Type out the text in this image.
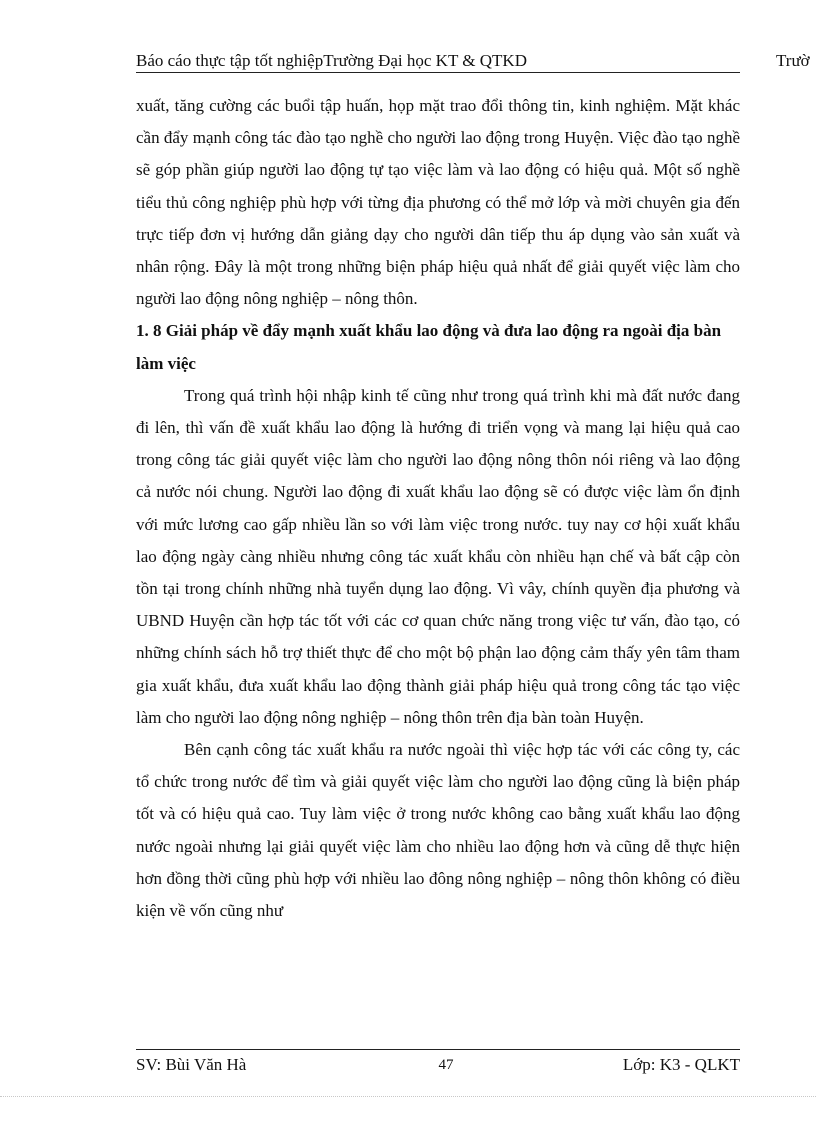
Báo cáo thực tập tốt nghiệpTrường Đại học KT & QTKD	Trườ

xuất, tăng cường các buổi tập huấn, họp mặt trao đổi thông tin, kinh nghiệm. Mặt khác cần đẩy mạnh công tác đào tạo nghề cho người lao động trong Huyện. Việc đào tạo nghề sẽ góp phần giúp người lao động tự tạo việc làm và lao động có hiệu quả. Một số nghề tiểu thủ công nghiệp phù hợp với từng địa phương có thể mở lớp và mời chuyên gia đến trực tiếp đơn vị hướng dẫn giảng dạy cho người dân tiếp thu áp dụng vào sản xuất và nhân rộng. Đây là một trong những biện pháp hiệu quả nhất để giải quyết việc làm cho người lao động nông nghiệp – nông thôn.

1. 8 Giải pháp về đẩy mạnh xuất khẩu lao động và đưa lao động ra ngoài địa bàn làm việc

Trong quá trình hội nhập kinh tế cũng như trong quá trình khi mà đất nước đang đi lên, thì vấn đề xuất khẩu lao động là hướng đi triển vọng và mang lại hiệu quả cao trong công tác giải quyết việc làm cho người lao động nông thôn nói riêng và lao động cả nước nói chung. Người lao động đi xuất khẩu lao động sẽ có được việc làm ổn định với mức lương cao gấp nhiều lần so với làm việc trong nước. tuy nay cơ hội xuất khẩu lao động ngày càng nhiều nhưng công tác xuất khẩu còn nhiều hạn chế và bất cập còn tồn tại trong chính những nhà tuyển dụng lao động. Vì vây, chính quyền địa phương và UBND Huyện cần hợp tác tốt với các cơ quan chức năng trong việc tư vấn, đào tạo, có những chính sách hỗ trợ thiết thực để cho một bộ phận lao động cảm thấy yên tâm tham gia xuất khẩu, đưa xuất khẩu lao động thành giải pháp hiệu quả trong công tác tạo việc làm cho người lao động nông nghiệp – nông thôn trên địa bàn toàn Huyện.

Bên cạnh công tác xuất khẩu ra nước ngoài thì việc hợp tác với các công ty, các tổ chức trong nước để tìm và giải quyết việc làm cho người lao động cũng là biện pháp tốt và có hiệu quả cao. Tuy làm việc ở trong nước không cao bằng xuất khẩu lao động nước ngoài nhưng lại giải quyết việc làm cho nhiều lao động hơn và cũng dễ thực hiện hơn đồng thời cũng phù hợp với nhiều lao đông nông nghiệp – nông thôn không có điều kiện về vốn cũng như

SV: Bùi Văn Hà	47	Lớp: K3 - QLKT
